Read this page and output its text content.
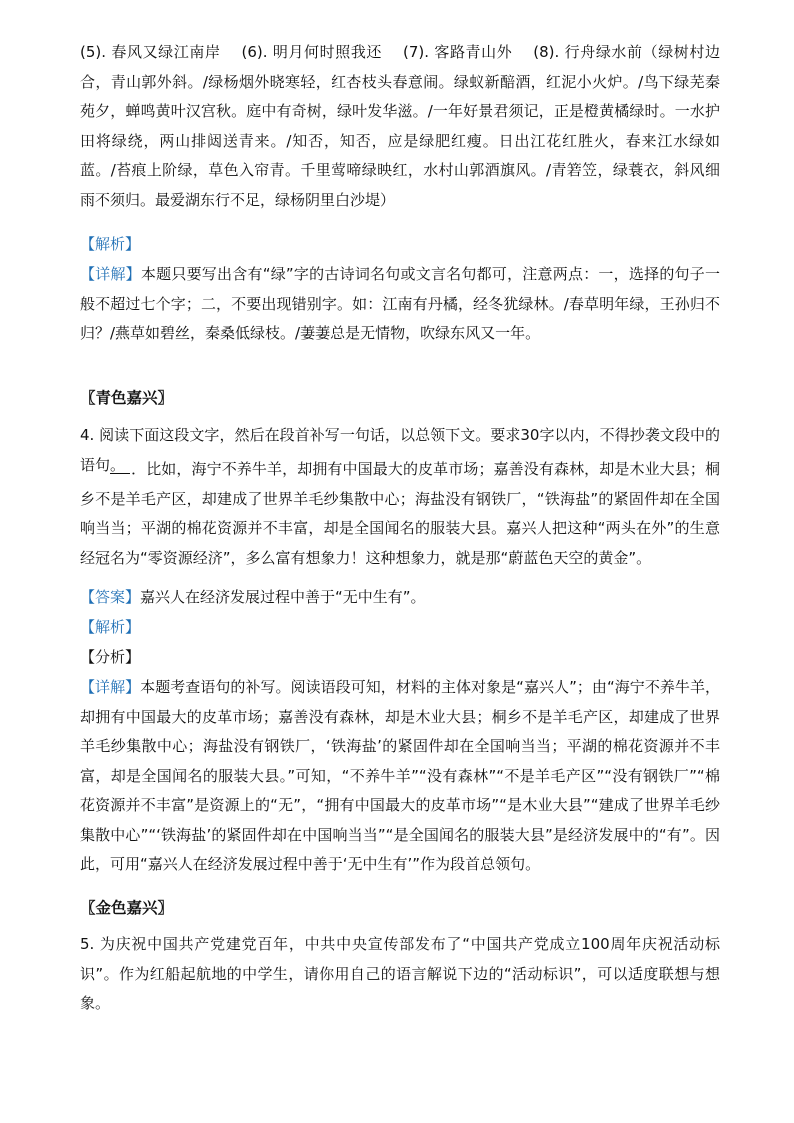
(5). 春风又绿江南岸　 (6). 明月何时照我还　 (7). 客路青山外　 (8). 行舟绿水前（绿树村边合，青山郭外斜。/绿杨烟外晓寒轻，红杏枝头春意闹。绿蚁新醅酒，红泥小火炉。/鸟下绿芜秦苑夕，蝉鸣黄叶汉宫秋。庭中有奇树，绿叶发华滋。/一年好景君须记，正是橙黄橘绿时。一水护田将绿绕，两山排闼送青来。/知否，知否，应是绿肥红瘦。日出江花红胜火，春来江水绿如蓝。/苔痕上阶绿，草色入帘青。千里莺啼绿映红，水村山郭酒旗风。/青箬笠，绿蓑衣，斜风细雨不须归。最爱湖东行不足，绿杨阴里白沙堤）

【解析】

【详解】本题只要写出含有“绿”字的古诗词名句或文言名句都可，注意两点：一，选择的句子一般不超过七个字；二，不要出现错别字。如：江南有丹橘，经冬犹绿林。/春草明年绿，王孙归不归？/燕草如碧丝，秦桑低绿枝。/萋萋总是无情物，吹绿东风又一年。

〖青色嘉兴〗

4. 阅读下面这段文字，然后在段首补写一句话，以总领下文。要求30字以内，不得抄袭文段中的语句。 ．比如，海宁不养牛羊，却拥有中国最大的皮革市场；嘉善没有森林，却是木业大县；桐乡不是羊毛产区，却建成了世界羊毛纱集散中心；海盐没有钢铁厂，“铁海盐”的紧固件却在全国响当当；平湖的棉花资源并不丰富，却是全国闻名的服装大县。嘉兴人把这种“两头在外”的生意经冠名为“零资源经济”，多么富有想象力！这种想象力，就是那“蔚蓝色天空的黄金”。

【答案】嘉兴人在经济发展过程中善于“无中生有”。

【解析】

【分析】

【详解】本题考查语句的补写。阅读语段可知，材料的主体对象是“嘉兴人”；由“海宁不养牛羊，却拥有中国最大的皮革市场；嘉善没有森林，却是木业大县；桐乡不是羊毛产区，却建成了世界羊毛纱集散中心；海盐没有钢铁厂，‘铁海盐’的紧固件却在全国响当当；平湖的棉花资源并不丰富，却是全国闻名的服装大县。”可知，“不养牛羊”“没有森林”“不是羊毛产区”“没有钢铁厂”“棉花资源并不丰富”是资源上的“无”，“拥有中国最大的皮革市场”“是木业大县”“建成了世界羊毛纱集散中心”“‘铁海盐’的紧固件却在中国响当当”“是全国闻名的服装大县”是经济发展中的“有”。因此，可用“嘉兴人在经济发展过程中善于‘无中生有’”作为段首总领句。

〖金色嘉兴〗

5. 为庆祝中国共产党建党百年，中共中央宣传部发布了“中国共产党成立100周年庆祝活动标识”。作为红船起航地的中学生，请你用自己的语言解说下边的“活动标识”，可以适度联想与想象。
